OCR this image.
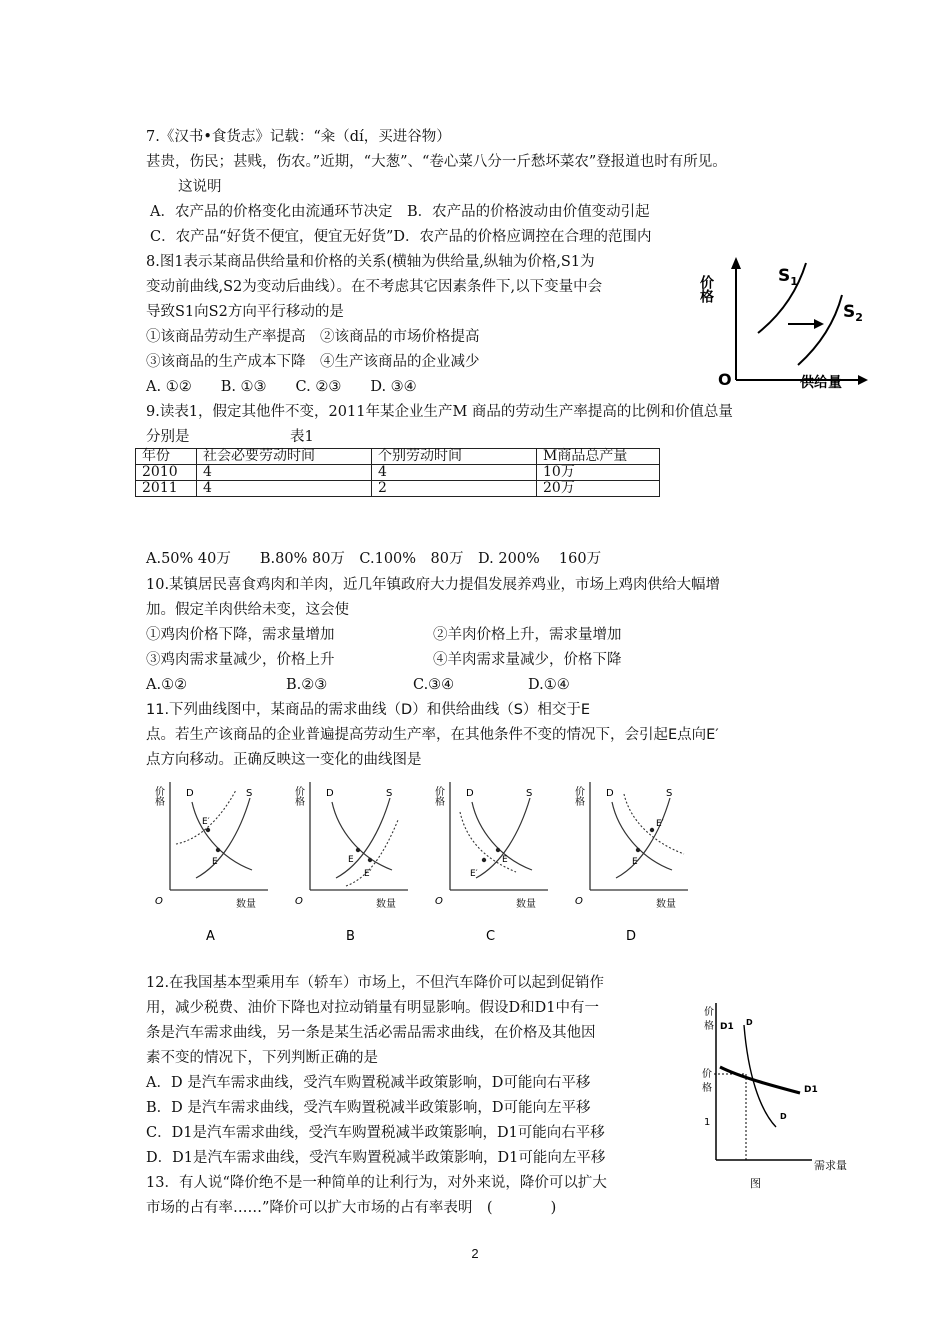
7.《汉书•食货志》记载：“籴（dí，买进谷物）
甚贵，伤民；甚贱，伤农。”近期，“大葱”、“卷心菜八分一斤愁坏菜农”登报道也时有所见。
这说明
A．农产品的价格变化由流通环节决定　B．农产品的价格波动由价值变动引起
C．农产品“好货不便宜，便宜无好货”D．农产品的价格应调控在合理的范围内
8.图1表示某商品供给量和价格的关系(横轴为供给量,纵轴为价格,S1为
变动前曲线,S2为变动后曲线）。在不考虑其它因素条件下,以下变量中会
导致S1向S2方向平行移动的是
①该商品劳动生产率提高　②该商品的市场价格提高
③该商品的生产成本下降　④生产该商品的企业减少
A. ①②　　B. ①③　　C. ②③　　D. ③④
价格
O	供给量
$S_1$
$S_2$
9.读表1，假定其他件不变，2011年某企业生产M 商品的劳动生产率提高的比例和价值总量
分别是	表1
年份	社会必要劳动时间	个别劳动时间	M商品总产量
2010	4	4	10万
2011	4	2	20万
A.50% 40万　　B.80% 80万　C.100%　80万　D. 200%　 160万
10.某镇居民喜食鸡肉和羊肉，近几年镇政府大力提倡发展养鸡业，市场上鸡肉供给大幅增
加。假定羊肉供给未变，这会使
①鸡肉价格下降，需求量增加	②羊肉价格上升，需求量增加
③鸡肉需求量减少，价格上升	④羊肉需求量减少，价格下降
A.①②	B.②③	C.③④	D.①④
11.下列曲线图中，某商品的需求曲线（D）和供给曲线（S）相交于E
点。若生产该商品的企业普遍提高劳动生产率，在其他条件不变的情况下，会引起E点向E′
点方向移动。正确反映这一变化的曲线图是
价格
O	数量
D	S
E
E′
A
价格
O	数量
D	S
E
E′
B
价格
O	数量
D	S
E
E′
C
价格
O	数量
D	S
E
E′
D
12.在我国基本型乘用车（轿车）市场上，不但汽车降价可以起到促销作
用，减少税费、油价下降也对拉动销量有明显影响。假设D和D1中有一
条是汽车需求曲线，另一条是某生活必需品需求曲线，在价格及其他因
素不变的情况下，下列判断正确的是
A．D 是汽车需求曲线，受汽车购置税减半政策影响，D可能向右平移
B．D 是汽车需求曲线，受汽车购置税减半政策影响，D可能向左平移
C．D1是汽车需求曲线，受汽车购置税减半政策影响，D1可能向右平移
D．D1是汽车需求曲线，受汽车购置税减半政策影响，D1可能向左平移
价
格
价
格
1
D1 D
D1
D
需求量
图
13．有人说“降价绝不是一种简单的让利行为，对外来说，降价可以扩大
市场的占有率……”降价可以扩大市场的占有率表明　(　　　　)
2
